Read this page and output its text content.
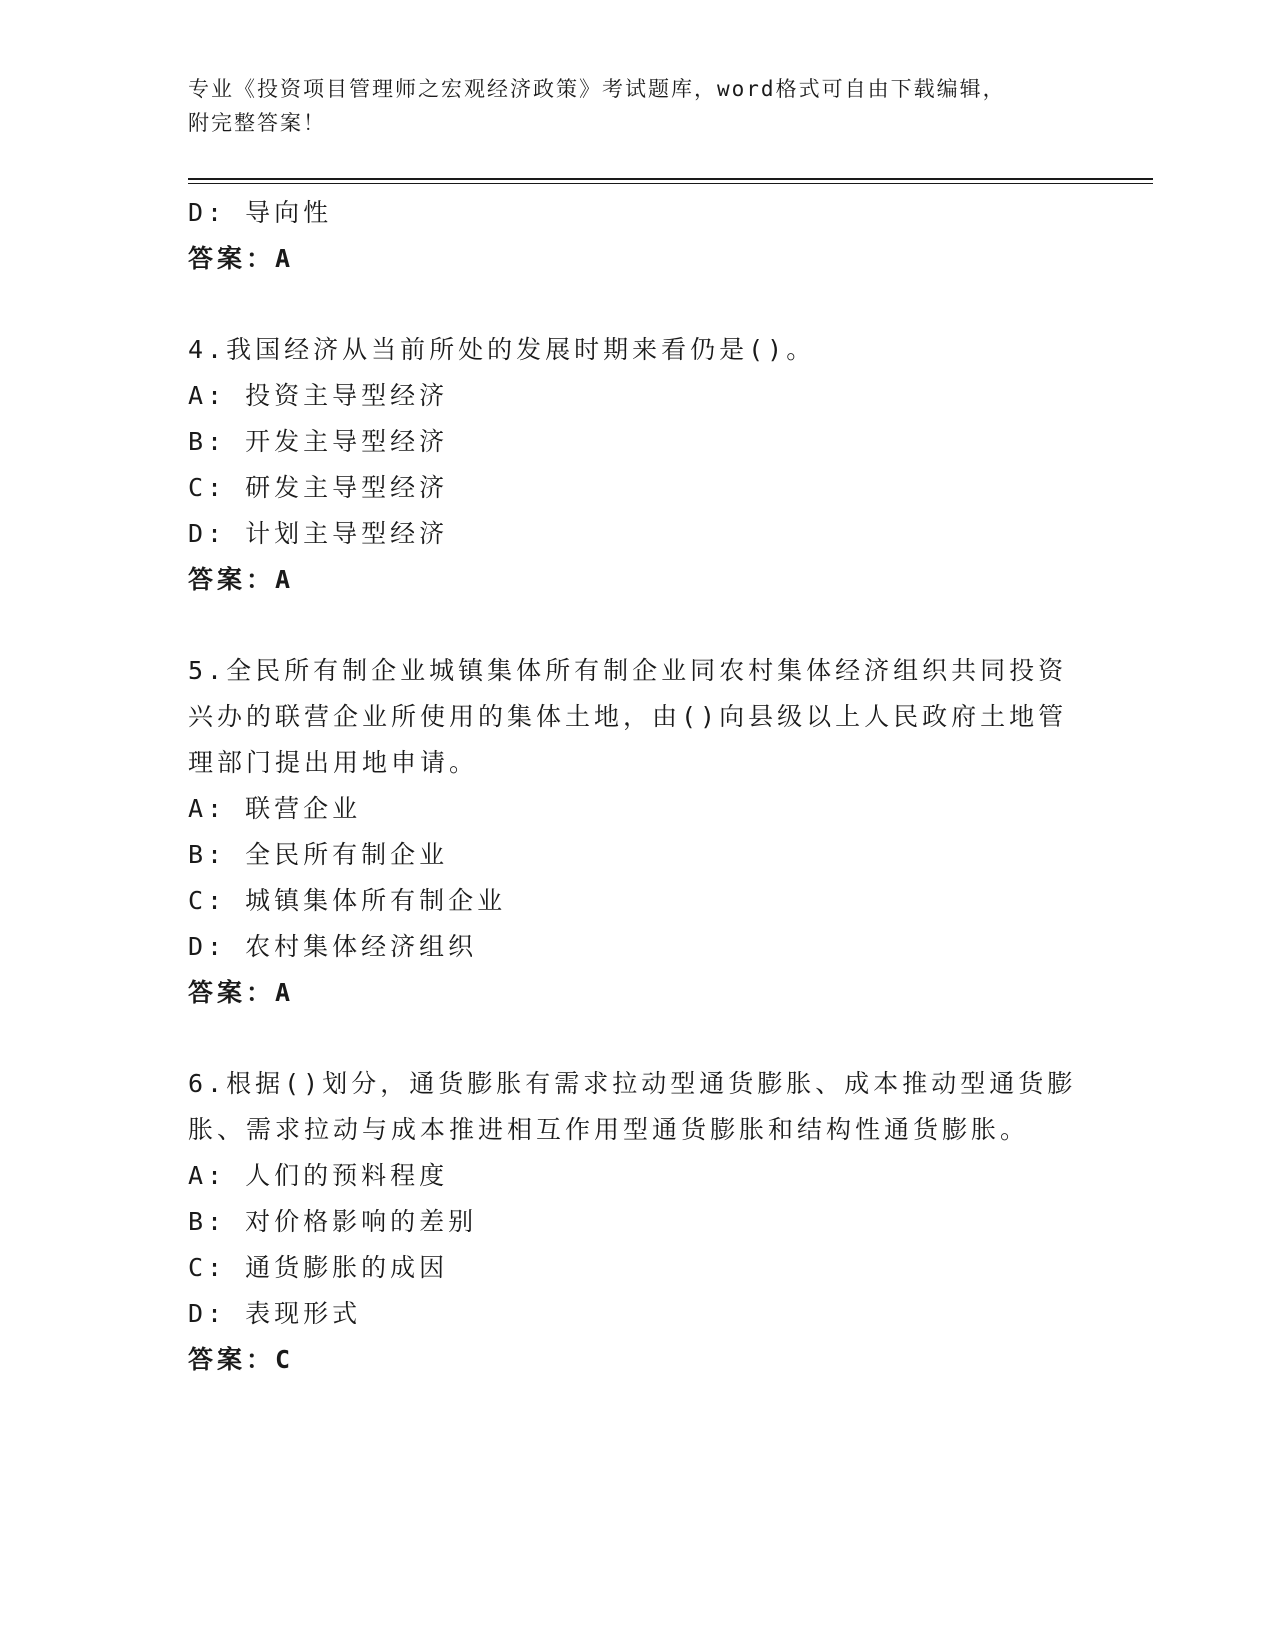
专业《投资项目管理师之宏观经济政策》考试题库，word格式可自由下载编辑，
附完整答案！
D: 导向性
答案：A
4.我国经济从当前所处的发展时期来看仍是()。
A: 投资主导型经济
B: 开发主导型经济
C: 研发主导型经济
D: 计划主导型经济
答案：A
5.全民所有制企业城镇集体所有制企业同农村集体经济组织共同投资
兴办的联营企业所使用的集体土地，由()向县级以上人民政府土地管
理部门提出用地申请。
A: 联营企业
B: 全民所有制企业
C: 城镇集体所有制企业
D: 农村集体经济组织
答案：A
6.根据()划分，通货膨胀有需求拉动型通货膨胀、成本推动型通货膨
胀、需求拉动与成本推进相互作用型通货膨胀和结构性通货膨胀。
A: 人们的预料程度
B: 对价格影响的差别
C: 通货膨胀的成因
D: 表现形式
答案：C
